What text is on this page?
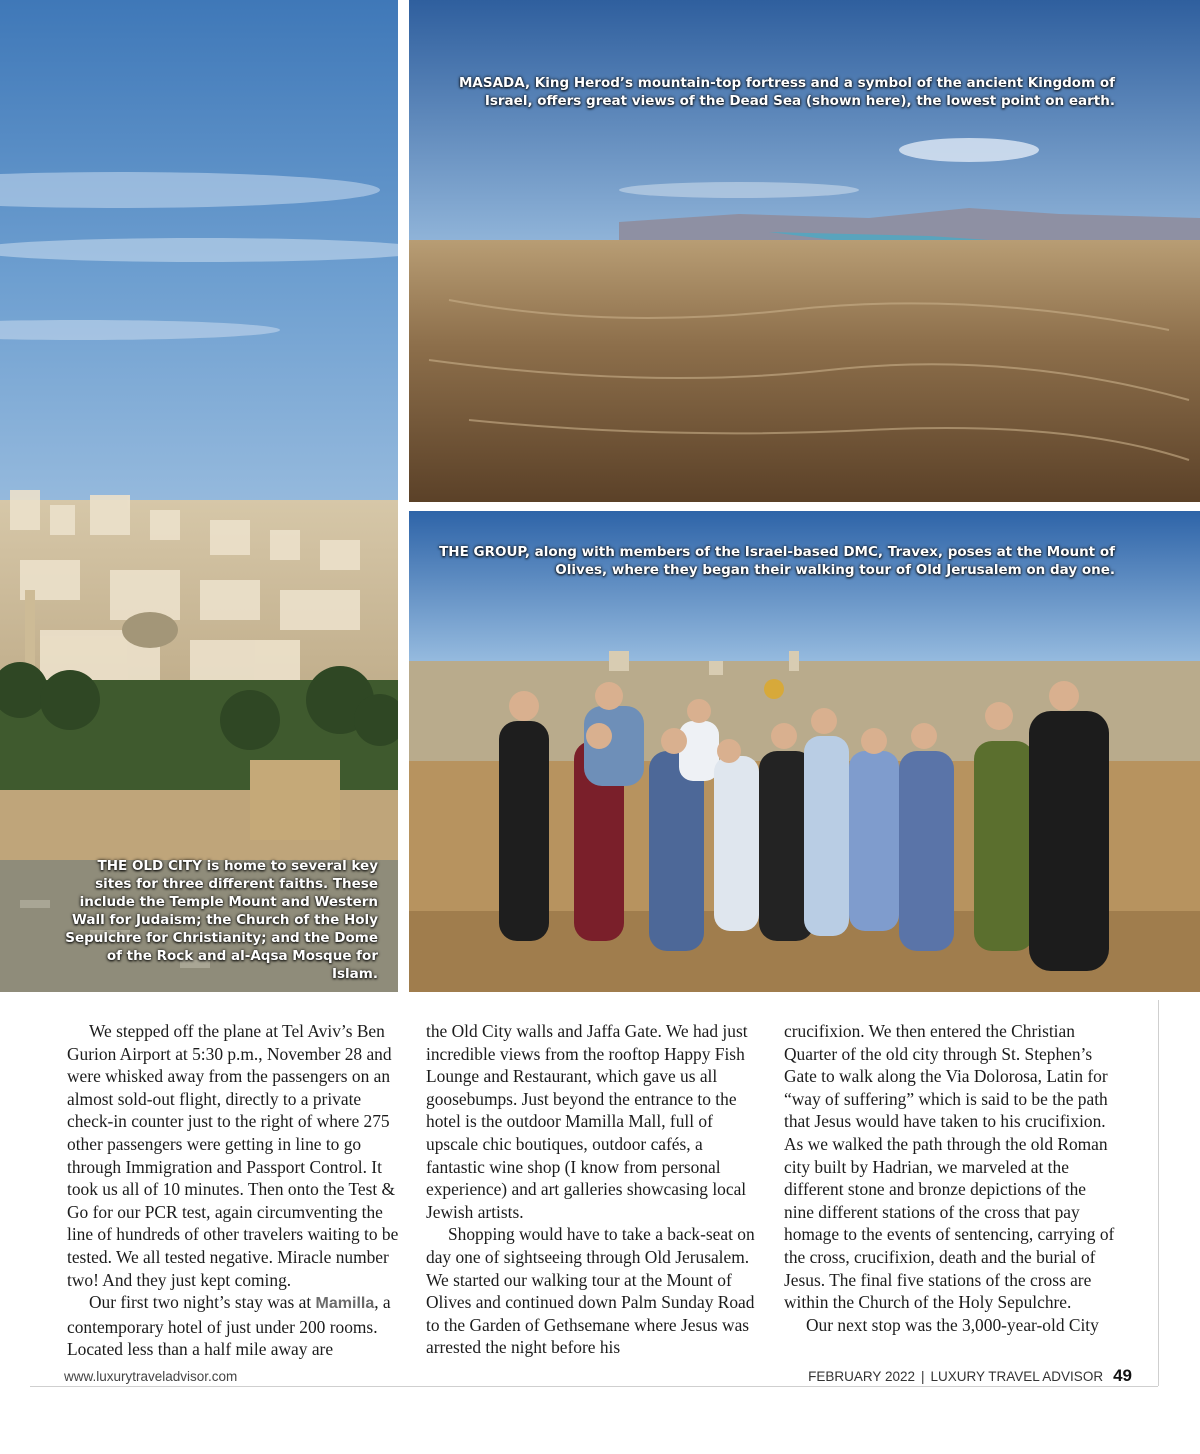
MASADA, King Herod’s mountain-top fortress and a symbol of the ancient Kingdom of Israel, offers great views of the Dead Sea (shown here), the lowest point on earth.
THE GROUP, along with members of the Israel-based DMC, Travex, poses at the Mount of Olives, where they began their walking tour of Old Jerusalem on day one.
THE OLD CITY is home to several key sites for three different faiths. These include the Temple Mount and Western Wall for Judaism; the Church of the Holy Sepulchre for Christianity; and the Dome of the Rock and al-Aqsa Mosque for Islam.

We stepped off the plane at Tel Aviv’s Ben Gurion Airport at 5:30 p.m., November 28 and were whisked away from the passengers on an almost sold-out flight, directly to a private check-in counter just to the right of where 275 other passengers were getting in line to go through Immigration and Passport Control. It took us all of 10 minutes. Then onto the Test & Go for our PCR test, again circumventing the line of hundreds of other travelers waiting to be tested. We all tested negative. Miracle number two! And they just kept coming.

Our first two night’s stay was at Mamilla, a contemporary hotel of just under 200 rooms. Located less than a half mile away are

the Old City walls and Jaffa Gate. We had just incredible views from the rooftop Happy Fish Lounge and Restaurant, which gave us all goosebumps. Just beyond the entrance to the hotel is the outdoor Mamilla Mall, full of upscale chic boutiques, outdoor cafés, a fantastic wine shop (I know from personal experience) and art galleries showcasing local Jewish artists.

Shopping would have to take a back-seat on day one of sightseeing through Old Jerusalem. We started our walking tour at the Mount of Olives and continued down Palm Sunday Road to the Garden of Gethsemane where Jesus was arrested the night before his

crucifixion. We then entered the Christian Quarter of the old city through St. Stephen’s Gate to walk along the Via Dolorosa, Latin for “way of suffering” which is said to be the path that Jesus would have taken to his crucifixion. As we walked the path through the old Roman city built by Hadrian, we marveled at the different stone and bronze depictions of the nine different stations of the cross that pay homage to the events of sentencing, carrying of the cross, crucifixion, death and the burial of Jesus. The final five stations of the cross are within the Church of the Holy Sepulchre.

Our next stop was the 3,000-year-old City

www.luxurytraveladvisor.com	FEBRUARY 2022 | LUXURY TRAVEL ADVISOR 49
